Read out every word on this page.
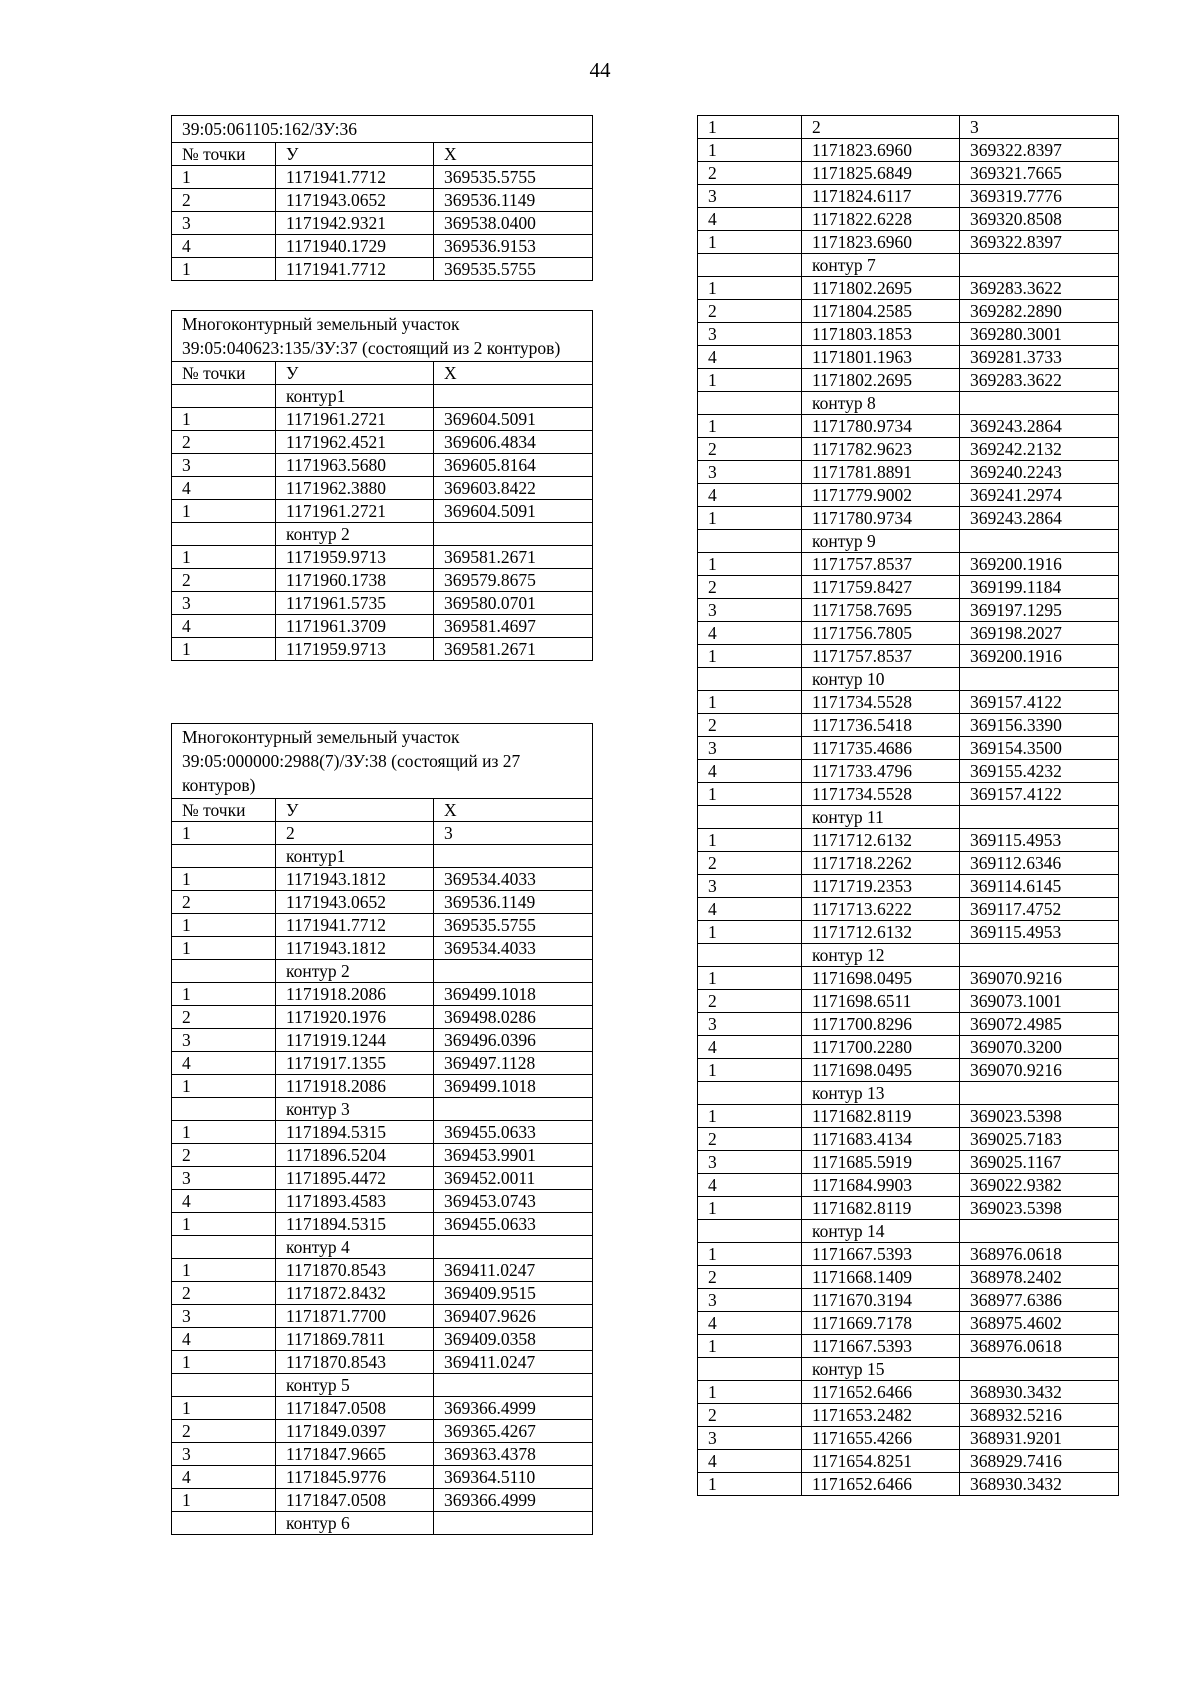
44
39:05:061105:162/ЗУ:36		
№ точки	У	Х
1	1171941.7712	369535.5755
2	1171943.0652	369536.1149
3	1171942.9321	369538.0400
4	1171940.1729	369536.9153
1	1171941.7712	369535.5755
Многоконтурный земельный участок 39:05:040623:135/ЗУ:37 (состоящий из 2 контуров)		
№ точки	У	Х
	контур1	
1	1171961.2721	369604.5091
2	1171962.4521	369606.4834
3	1171963.5680	369605.8164
4	1171962.3880	369603.8422
1	1171961.2721	369604.5091
	контур 2	
1	1171959.9713	369581.2671
2	1171960.1738	369579.8675
3	1171961.5735	369580.0701
4	1171961.3709	369581.4697
1	1171959.9713	369581.2671
Многоконтурный земельный участок 39:05:000000:2988(7)/ЗУ:38 (состоящий из 27 контуров)		
№ точки	У	Х
1	2	3
	контур1	
1	1171943.1812	369534.4033
2	1171943.0652	369536.1149
1	1171941.7712	369535.5755
1	1171943.1812	369534.4033
	контур 2	
1	1171918.2086	369499.1018
2	1171920.1976	369498.0286
3	1171919.1244	369496.0396
4	1171917.1355	369497.1128
1	1171918.2086	369499.1018
	контур 3	
1	1171894.5315	369455.0633
2	1171896.5204	369453.9901
3	1171895.4472	369452.0011
4	1171893.4583	369453.0743
1	1171894.5315	369455.0633
	контур 4	
1	1171870.8543	369411.0247
2	1171872.8432	369409.9515
3	1171871.7700	369407.9626
4	1171869.7811	369409.0358
1	1171870.8543	369411.0247
	контур 5	
1	1171847.0508	369366.4999
2	1171849.0397	369365.4267
3	1171847.9665	369363.4378
4	1171845.9776	369364.5110
1	1171847.0508	369366.4999
	контур 6	
1	2	3
1	1171823.6960	369322.8397
2	1171825.6849	369321.7665
3	1171824.6117	369319.7776
4	1171822.6228	369320.8508
1	1171823.6960	369322.8397
	контур 7	
1	1171802.2695	369283.3622
2	1171804.2585	369282.2890
3	1171803.1853	369280.3001
4	1171801.1963	369281.3733
1	1171802.2695	369283.3622
	контур 8	
1	1171780.9734	369243.2864
2	1171782.9623	369242.2132
3	1171781.8891	369240.2243
4	1171779.9002	369241.2974
1	1171780.9734	369243.2864
	контур 9	
1	1171757.8537	369200.1916
2	1171759.8427	369199.1184
3	1171758.7695	369197.1295
4	1171756.7805	369198.2027
1	1171757.8537	369200.1916
	контур 10	
1	1171734.5528	369157.4122
2	1171736.5418	369156.3390
3	1171735.4686	369154.3500
4	1171733.4796	369155.4232
1	1171734.5528	369157.4122
	контур 11	
1	1171712.6132	369115.4953
2	1171718.2262	369112.6346
3	1171719.2353	369114.6145
4	1171713.6222	369117.4752
1	1171712.6132	369115.4953
	контур 12	
1	1171698.0495	369070.9216
2	1171698.6511	369073.1001
3	1171700.8296	369072.4985
4	1171700.2280	369070.3200
1	1171698.0495	369070.9216
	контур 13	
1	1171682.8119	369023.5398
2	1171683.4134	369025.7183
3	1171685.5919	369025.1167
4	1171684.9903	369022.9382
1	1171682.8119	369023.5398
	контур 14	
1	1171667.5393	368976.0618
2	1171668.1409	368978.2402
3	1171670.3194	368977.6386
4	1171669.7178	368975.4602
1	1171667.5393	368976.0618
	контур 15	
1	1171652.6466	368930.3432
2	1171653.2482	368932.5216
3	1171655.4266	368931.9201
4	1171654.8251	368929.7416
1	1171652.6466	368930.3432
